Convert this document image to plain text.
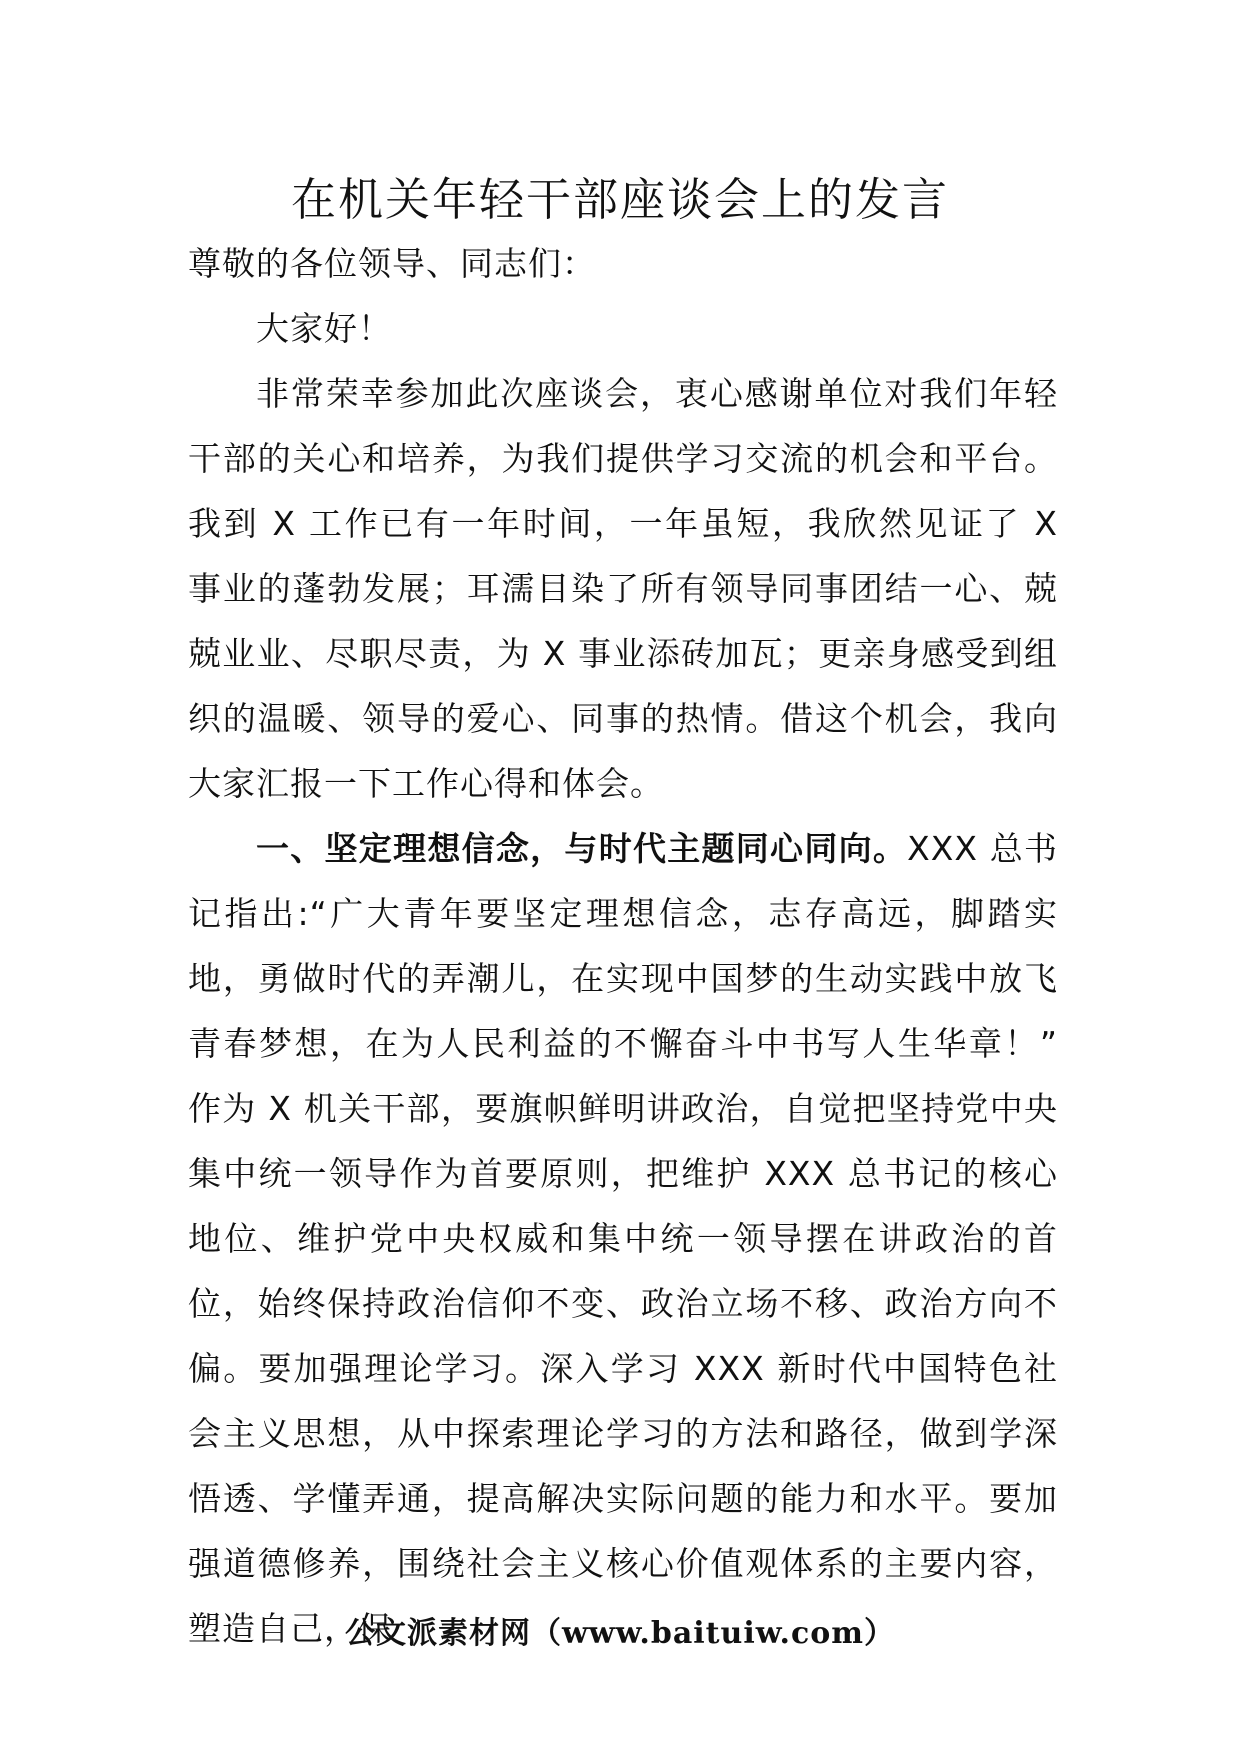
在机关年轻干部座谈会上的发言

尊敬的各位领导、同志们：

大家好！

非常荣幸参加此次座谈会，衷心感谢单位对我们年轻干部的关心和培养，为我们提供学习交流的机会和平台。我到 X 工作已有一年时间，一年虽短，我欣然见证了 X 事业的蓬勃发展；耳濡目染了所有领导同事团结一心、兢兢业业、尽职尽责，为 X 事业添砖加瓦；更亲身感受到组织的温暖、领导的爱心、同事的热情。借这个机会，我向大家汇报一下工作心得和体会。

一、坚定理想信念，与时代主题同心同向。XXX 总书记指出:“广大青年要坚定理想信念，志存高远，脚踏实地，勇做时代的弄潮儿，在实现中国梦的生动实践中放飞青春梦想，在为人民利益的不懈奋斗中书写人生华章！” 作为 X 机关干部，要旗帜鲜明讲政治，自觉把坚持党中央集中统一领导作为首要原则，把维护 XXX 总书记的核心地位、维护党中央权威和集中统一领导摆在讲政治的首位，始终保持政治信仰不变、政治立场不移、政治方向不偏。要加强理论学习。深入学习 XXX 新时代中国特色社会主义思想，从中探索理论学习的方法和路径，做到学深悟透、学懂弄通，提高解决实际问题的能力和水平。要加强道德修养，围绕社会主义核心价值观体系的主要内容，塑造自己，保

公文派素材网（www.baituiw.com）
